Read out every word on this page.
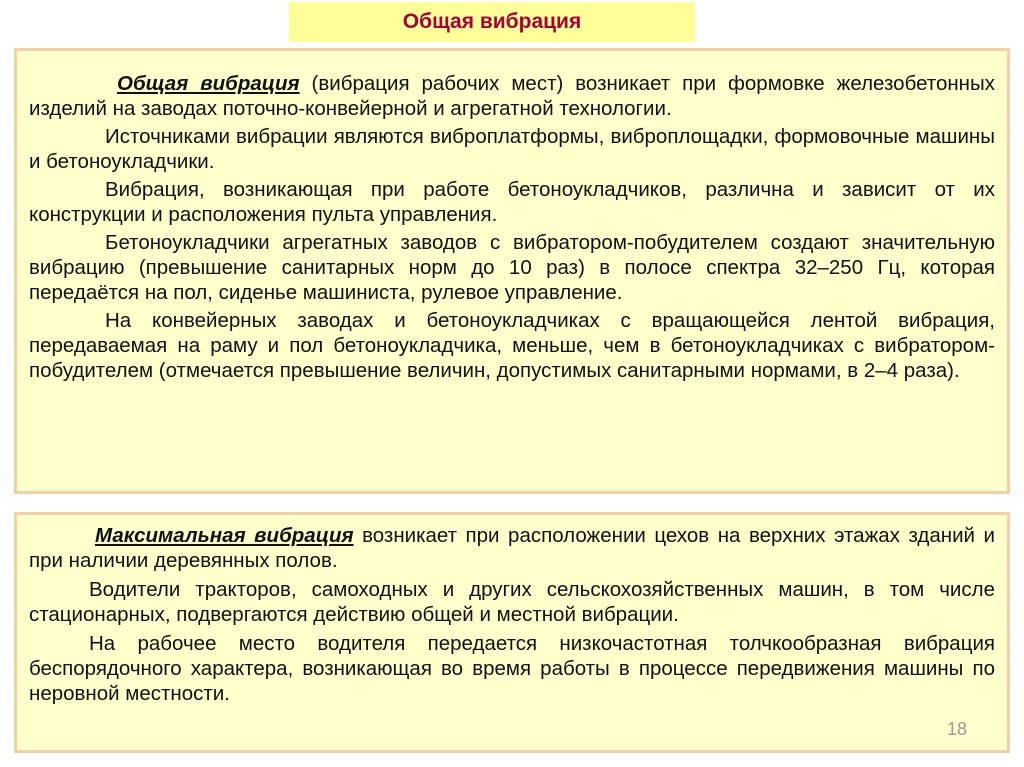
Общая вибрация

Общая вибрация (вибрация рабочих мест) возникает при формовке железобетонных изделий на заводах поточно-конвейерной и агрегатной технологии.

Источниками вибрации являются виброплатформы, виброплощадки, формовочные машины и бетоноукладчики.

Вибрация, возникающая при работе бетоноукладчиков, различна и зависит от их конструкции и расположения пульта управления.

Бетоноукладчики агрегатных заводов с вибратором-побудителем создают значительную вибрацию (превышение санитарных норм до 10 раз) в полосе спектра 32–250 Гц, которая передаётся на пол, сиденье машиниста, рулевое управление.

На конвейерных заводах и бетоноукладчиках с вращающейся лентой вибрация, передаваемая на раму и пол бетоноукладчика, меньше, чем в бетоноукладчиках с вибратором-побудителем (отмечается превышение величин, допустимых санитарными нормами, в 2–4 раза).

Максимальная вибрация возникает при расположении цехов на верхних этажах зданий и при наличии деревянных полов.

Водители тракторов, самоходных и других сельскохозяйственных машин, в том числе стационарных, подвергаются действию общей и местной вибрации.

На рабочее место водителя передается низкочастотная толчкообразная вибрация беспорядочного характера, возникающая во время работы в процессе передвижения машины по неровной местности.

18
